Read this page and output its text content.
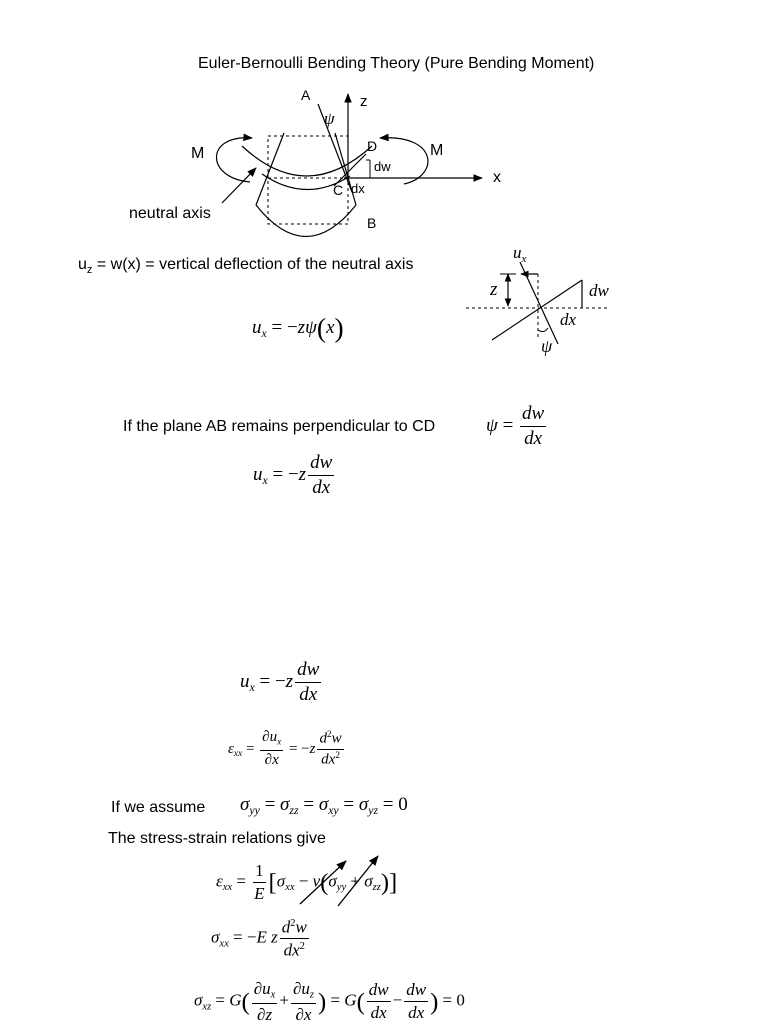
Euler-Bernoulli Bending Theory (Pure Bending Moment)
A	z
ψ
M	M
D
dw
x
C dx
B
neutral axis
$u_z = w(x)$ = vertical deflection of the neutral axis
$u_x$
z	dw
dx
ψ
$u_x = -z\psi(x)$
If the plane AB remains perpendicular to CD	$\psi = \frac{dw}{dx}$
$u_x = -z \frac{dw}{dx}$
$u_x = -z \frac{dw}{dx}$
$\varepsilon_{xx} = \frac{\partial u_x}{\partial x} = -z \frac{d^2w}{dx^2}$
If we assume $\sigma_{yy} = \sigma_{zz} = \sigma_{xy} = \sigma_{yz} = 0$
The stress-strain relations give
$\varepsilon_{xx} = \frac{1}{E} [\sigma_{xx} - \nu(\sigma_{yy} + \sigma_{zz})]$
$\sigma_{xx} = -E$ z $\frac{d^2w}{dx^2}$
$\sigma_{xz} = G( \frac{\partial u_x}{\partial z} + \frac{\partial u_z}{\partial x}$ ) = $G( \frac{dw}{dx} - \frac{dw}{dx}$ ) = 0
